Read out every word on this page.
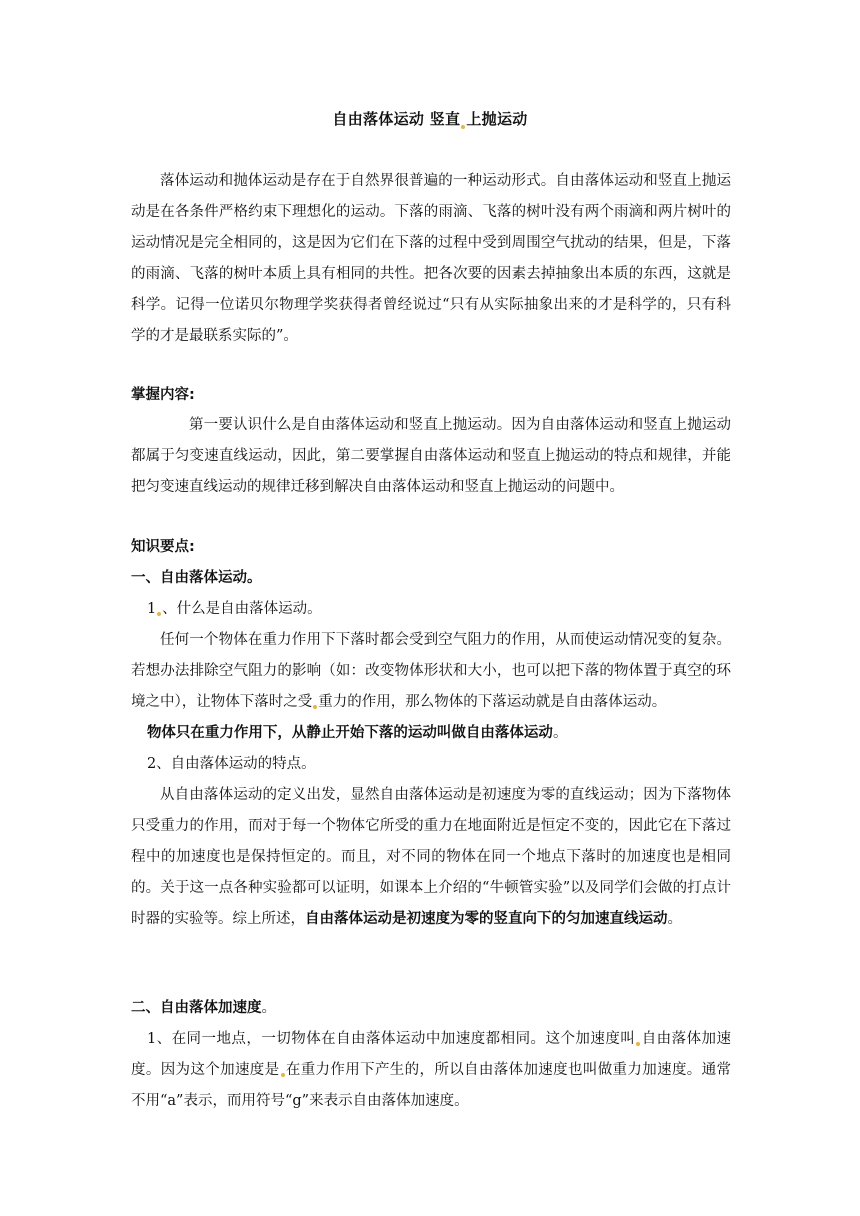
自由落体运动 竖直 上抛运动

落体运动和抛体运动是存在于自然界很普遍的一种运动形式。自由落体运动和竖直上抛运动是在各条件严格约束下理想化的运动。下落的雨滴、飞落的树叶没有两个雨滴和两片树叶的运动情况是完全相同的，这是因为它们在下落的过程中受到周围空气扰动的结果，但是，下落的雨滴、飞落的树叶本质上具有相同的共性。把各次要的因素去掉抽象出本质的东西，这就是科学。记得一位诺贝尔物理学奖获得者曾经说过“只有从实际抽象出来的才是科学的，只有科学的才是最联系实际的”。

掌握内容:

第一要认识什么是自由落体运动和竖直上抛运动。因为自由落体运动和竖直上抛运动都属于匀变速直线运动，因此，第二要掌握自由落体运动和竖直上抛运动的特点和规律，并能把匀变速直线运动的规律迁移到解决自由落体运动和竖直上抛运动的问题中。

知识要点:
一、自由落体运动。

1 、什么是自由落体运动。

任何一个物体在重力作用下下落时都会受到空气阻力的作用，从而使运动情况变的复杂。若想办法排除空气阻力的影响（如：改变物体形状和大小，也可以把下落的物体置于真空的环境之中），让物体下落时之受 重力的作用，那么物体的下落运动就是自由落体运动。

物体只在重力作用下，从静止开始下落的运动叫做自由落体运动。

2、自由落体运动的特点。

从自由落体运动的定义出发，显然自由落体运动是初速度为零的直线运动；因为下落物体只受重力的作用，而对于每一个物体它所受的重力在地面附近是恒定不变的，因此它在下落过程中的加速度也是保持恒定的。而且，对不同的物体在同一个地点下落时的加速度也是相同的。关于这一点各种实验都可以证明，如课本上介绍的“牛顿管实验”以及同学们会做的打点计时器的实验等。综上所述，自由落体运动是初速度为零的竖直向下的匀加速直线运动。

二、自由落体加速度。

1、在同一地点，一切物体在自由落体运动中加速度都相同。这个加速度叫 自由落体加速度。因为这个加速度是 在重力作用下产生的，所以自由落体加速度也叫做重力加速度。通常不用“a”表示，而用符号“g”来表示自由落体加速度。
